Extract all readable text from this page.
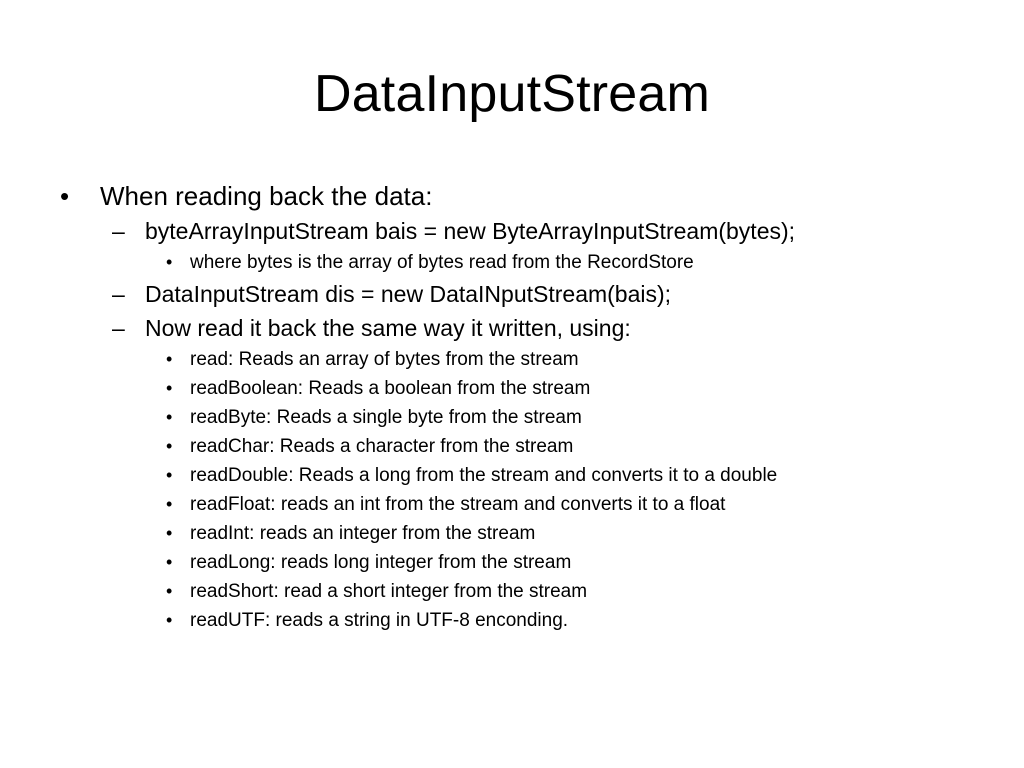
DataInputStream
• When reading back the data:
– byteArrayInputStream bais = new ByteArrayInputStream(bytes);
• where bytes is the array of bytes read from the RecordStore
– DataInputStream dis = new DataINputStream(bais);
– Now read it back the same way it written, using:
• read: Reads an array of bytes from the stream
• readBoolean: Reads a boolean from the stream
• readByte: Reads a single byte from the stream
• readChar: Reads a character from the stream
• readDouble: Reads a long from the stream and converts it to a double
• readFloat: reads an int from the stream and converts it to a float
• readInt: reads an integer from the stream
• readLong: reads long integer from the stream
• readShort: read a short integer from the stream
• readUTF: reads a string in UTF-8 enconding.
